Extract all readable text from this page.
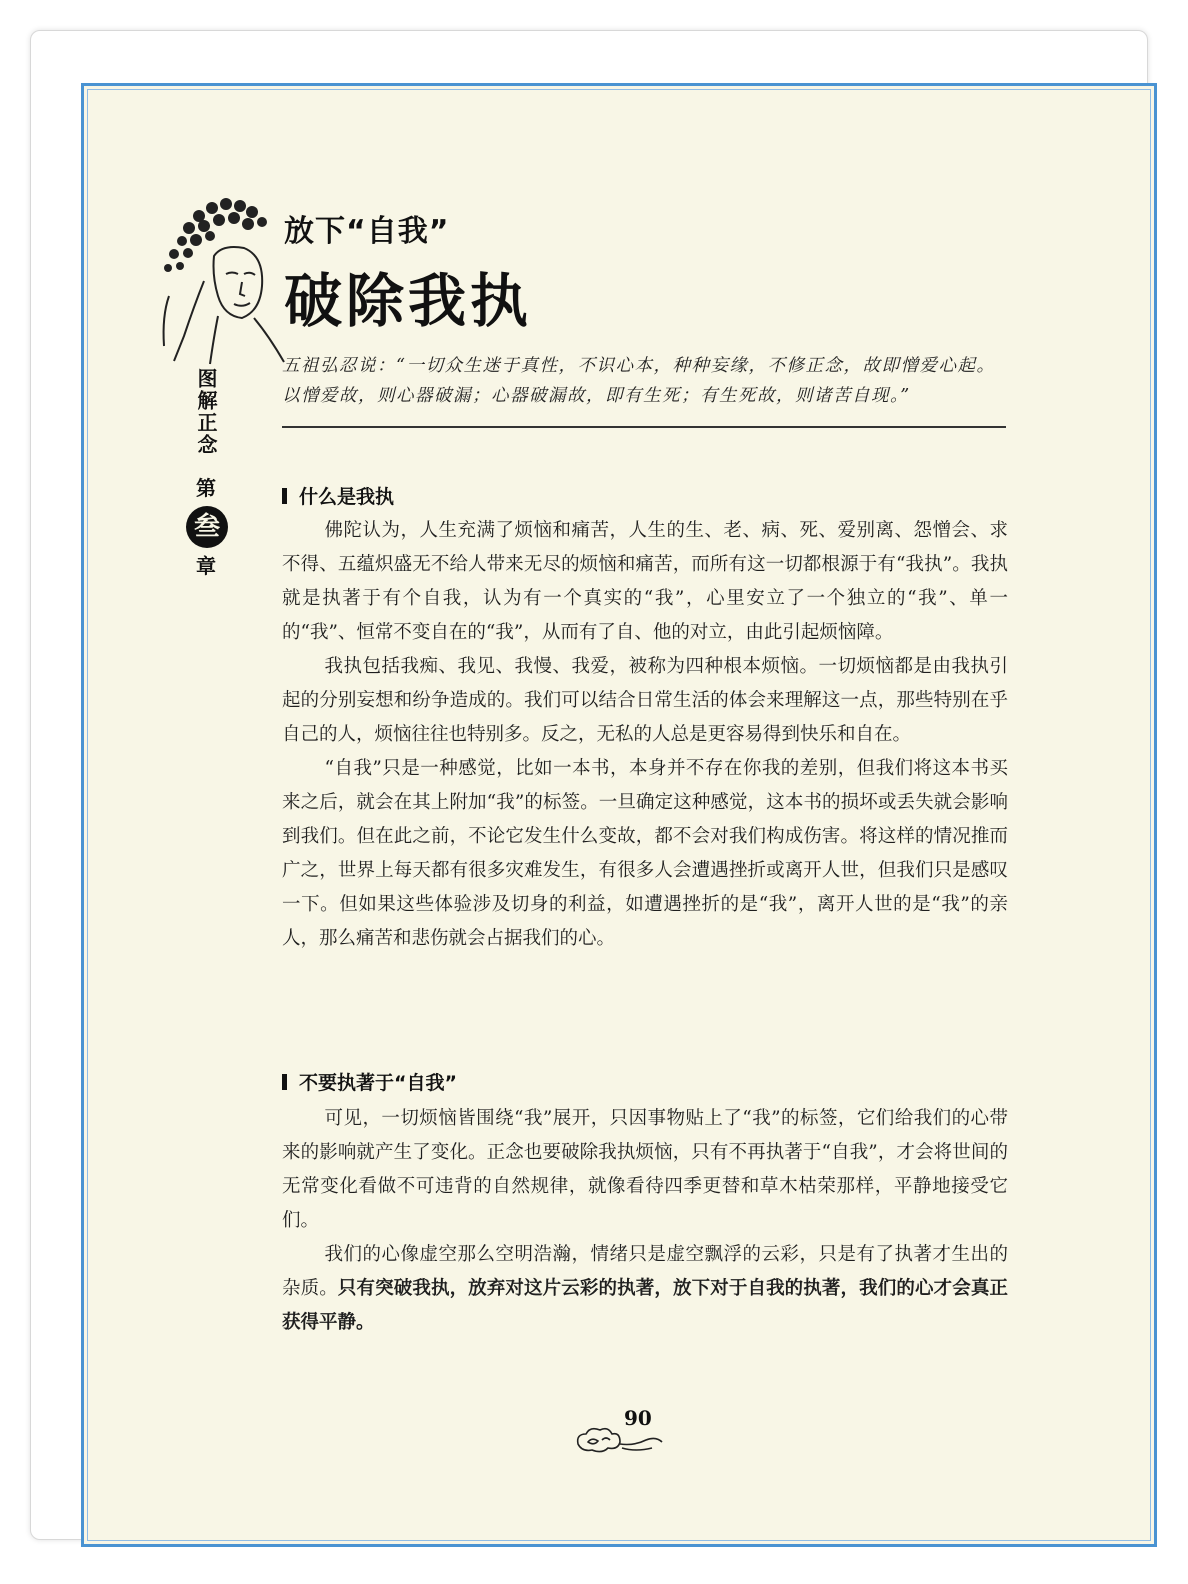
放下“自我”
破除我执
图解正念
第
叁
章
五祖弘忍说：“一切众生迷于真性，不识心本，种种妄缘，不修正念，故即憎爱心起。以憎爱故，则心器破漏；心器破漏故，即有生死；有生死故，则诸苦自现。”
什么是我执

佛陀认为，人生充满了烦恼和痛苦，人生的生、老、病、死、爱别离、怨憎会、求不得、五蕴炽盛无不给人带来无尽的烦恼和痛苦，而所有这一切都根源于有“我执”。我执就是执著于有个自我，认为有一个真实的“我”，心里安立了一个独立的“我”、单一的“我”、恒常不变自在的“我”，从而有了自、他的对立，由此引起烦恼障。

我执包括我痴、我见、我慢、我爱，被称为四种根本烦恼。一切烦恼都是由我执引起的分别妄想和纷争造成的。我们可以结合日常生活的体会来理解这一点，那些特别在乎自己的人，烦恼往往也特别多。反之，无私的人总是更容易得到快乐和自在。

“自我”只是一种感觉，比如一本书，本身并不存在你我的差别，但我们将这本书买来之后，就会在其上附加“我”的标签。一旦确定这种感觉，这本书的损坏或丢失就会影响到我们。但在此之前，不论它发生什么变故，都不会对我们构成伤害。将这样的情况推而广之，世界上每天都有很多灾难发生，有很多人会遭遇挫折或离开人世，但我们只是感叹一下。但如果这些体验涉及切身的利益，如遭遇挫折的是“我”，离开人世的是“我”的亲人，那么痛苦和悲伤就会占据我们的心。

不要执著于“自我”

可见，一切烦恼皆围绕“我”展开，只因事物贴上了“我”的标签，它们给我们的心带来的影响就产生了变化。正念也要破除我执烦恼，只有不再执著于“自我”，才会将世间的无常变化看做不可违背的自然规律，就像看待四季更替和草木枯荣那样，平静地接受它们。

我们的心像虚空那么空明浩瀚，情绪只是虚空飘浮的云彩，只是有了执著才生出的杂质。只有突破我执，放弃对这片云彩的执著，放下对于自我的执著，我们的心才会真正获得平静。

90
